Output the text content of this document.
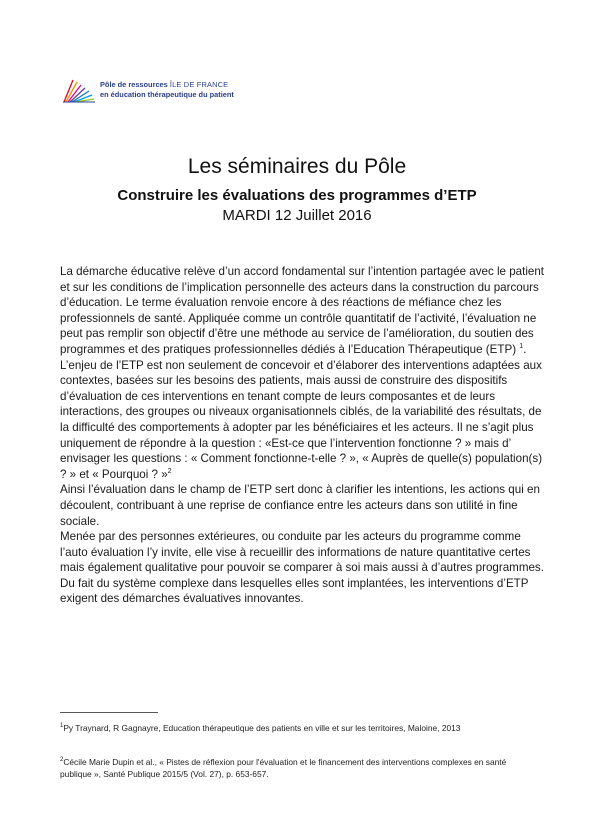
Pôle de ressources ÎLE DE FRANCE
en éducation thérapeutique du patient
Les séminaires du Pôle
Construire les évaluations des programmes d’ETP
MARDI 12 Juillet 2016

La démarche éducative relève d’un accord fondamental sur l’intention partagée avec le patient et sur les conditions de l’implication personnelle des acteurs dans la construction du parcours d’éducation. Le terme évaluation renvoie encore à des réactions de méfiance chez les professionnels de santé. Appliquée comme un contrôle quantitatif de l’activité, l’évaluation ne peut pas remplir son objectif d’être une méthode au service de l’amélioration, du soutien des programmes et des pratiques professionnelles dédiés à l’Education Thérapeutique (ETP) $^1$.

L’enjeu de l’ETP est non seulement de concevoir et d’élaborer des interventions adaptées aux contextes, basées sur les besoins des patients, mais aussi de construire des dispositifs d’évaluation de ces interventions en tenant compte de leurs composantes et de leurs interactions, des groupes ou niveaux organisationnels ciblés, de la variabilité des résultats, de la difficulté des comportements à adopter par les bénéficiaires et les acteurs. Il ne s’agit plus uniquement de répondre à la question : «Est-ce que l’intervention fonctionne ? » mais d’ envisager les questions : « Comment fonctionne-t-elle ? », « Auprès de quelle(s) population(s) ? » et « Pourquoi ? »$^2$

Ainsi l’évaluation dans le champ de l’ETP sert donc à clarifier les intentions, les actions qui en découlent, contribuant à une reprise de confiance entre les acteurs dans son utilité in fine sociale.

Menée par des personnes extérieures, ou conduite par les acteurs du programme comme l’auto évaluation l’y invite, elle vise à recueillir des informations de nature quantitative certes mais également qualitative pour pouvoir se comparer à soi mais aussi à d’autres programmes.

Du fait du système complexe dans lesquelles elles sont implantées, les interventions d’ETP exigent des démarches évaluatives innovantes.

$^1$Py Traynard, R Gagnayre, Education thérapeutique des patients en ville et sur les territoires, Maloine, 2013
$^2$Cécile Marie Dupin et al., « Pistes de réflexion pour l'évaluation et le financement des interventions complexes en santé publique », Santé Publique 2015/5 (Vol. 27), p. 653-657.
